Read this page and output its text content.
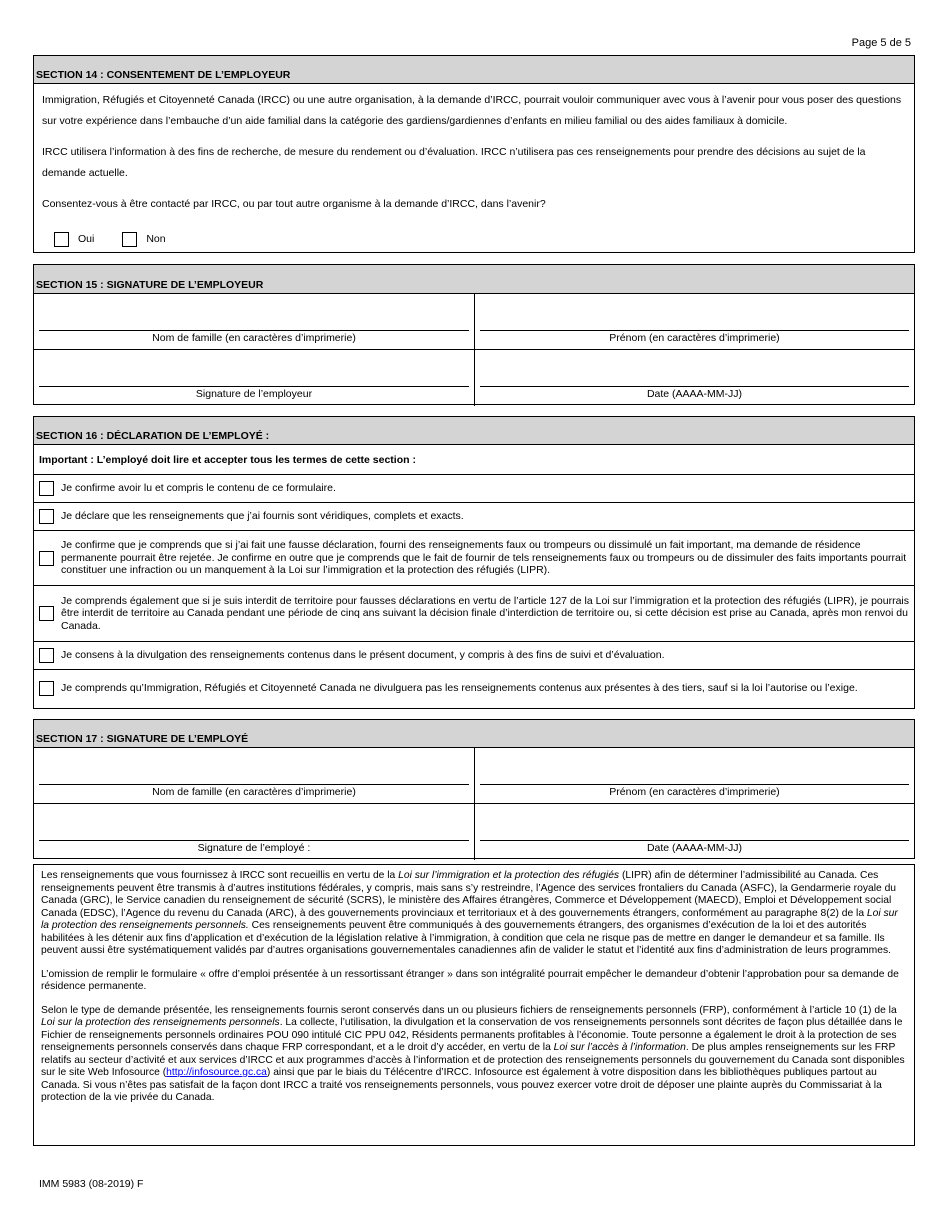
Page 5 de 5
SECTION 14 : CONSENTEMENT DE L’EMPLOYEUR

Immigration, Réfugiés et Citoyenneté Canada (IRCC) ou une autre organisation, à la demande d’IRCC, pourrait vouloir communiquer avec vous à l’avenir pour vous poser des questions sur votre expérience dans l’embauche d’un aide familial dans la catégorie des gardiens/gardiennes d’enfants en milieu familial ou des aides familiaux à domicile.

IRCC utilisera l’information à des fins de recherche, de mesure du rendement ou d’évaluation. IRCC n’utilisera pas ces renseignements pour prendre des décisions au sujet de la demande actuelle.

Consentez-vous à être contacté par IRCC, ou par tout autre organisme à la demande d’IRCC, dans l’avenir?

Oui	Non
SECTION 15 : SIGNATURE DE L’EMPLOYEUR
Nom de famille (en caractères d’imprimerie)	Prénom (en caractères d’imprimerie)
Signature de l’employeur	Date (AAAA-MM-JJ)
SECTION 16 : DÉCLARATION DE L’EMPLOYÉ :
Important : L’employé doit lire et accepter tous les termes de cette section :
Je confirme avoir lu et compris le contenu de ce formulaire.
Je déclare que les renseignements que j’ai fournis sont véridiques, complets et exacts.
Je confirme que je comprends que si j’ai fait une fausse déclaration, fourni des renseignements faux ou trompeurs ou dissimulé un fait important, ma demande de résidence permanente pourrait être rejetée. Je confirme en outre que je comprends que le fait de fournir de tels renseignements faux ou trompeurs ou de dissimuler des faits importants pourrait constituer une infraction ou un manquement à la Loi sur l’immigration et la protection des réfugiés (LIPR).
Je comprends également que si je suis interdit de territoire pour fausses déclarations en vertu de l’article 127 de la Loi sur l’immigration et la protection des réfugiés (LIPR), je pourrais être interdit de territoire au Canada pendant une période de cinq ans suivant la décision finale d’interdiction de territoire ou, si cette décision est prise au Canada, après mon renvoi du Canada.
Je consens à la divulgation des renseignements contenus dans le présent document, y compris à des fins de suivi et d’évaluation.
Je comprends qu’Immigration, Réfugiés et Citoyenneté Canada ne divulguera pas les renseignements contenus aux présentes à des tiers, sauf si la loi l’autorise ou l’exige.
SECTION 17 : SIGNATURE DE L’EMPLOYÉ
Nom de famille (en caractères d’imprimerie)	Prénom (en caractères d’imprimerie)
Signature de l’employé :	Date (AAAA-MM-JJ)

Les renseignements que vous fournissez à IRCC sont recueillis en vertu de la Loi sur l’immigration et la protection des réfugiés (LIPR) afin de déterminer l’admissibilité au Canada. Ces renseignements peuvent être transmis à d’autres institutions fédérales, y compris, mais sans s’y restreindre, l’Agence des services frontaliers du Canada (ASFC), la Gendarmerie royale du Canada (GRC), le Service canadien du renseignement de sécurité (SCRS), le ministère des Affaires étrangères, Commerce et Développement (MAECD), Emploi et Développement social Canada (EDSC), l’Agence du revenu du Canada (ARC), à des gouvernements provinciaux et territoriaux et à des gouvernements étrangers, conformément au paragraphe 8(2) de la Loi sur la protection des renseignements personnels. Ces renseignements peuvent être communiqués à des gouvernements étrangers, des organismes d’exécution de la loi et des autorités habilitées à les détenir aux fins d’application et d’exécution de la législation relative à l’immigration, à condition que cela ne risque pas de mettre en danger le demandeur et sa famille. Ils peuvent aussi être systématiquement validés par d’autres organisations gouvernementales canadiennes afin de valider le statut et l’identité aux fins d’administration de leurs programmes.

L’omission de remplir le formulaire « offre d’emploi présentée à un ressortissant étranger » dans son intégralité pourrait empêcher le demandeur d’obtenir l’approbation pour sa demande de résidence permanente.

Selon le type de demande présentée, les renseignements fournis seront conservés dans un ou plusieurs fichiers de renseignements personnels (FRP), conformément à l’article 10 (1) de la Loi sur la protection des renseignements personnels. La collecte, l’utilisation, la divulgation et la conservation de vos renseignements personnels sont décrites de façon plus détaillée dans le Fichier de renseignements personnels ordinaires POU 090 intitulé CIC PPU 042, Résidents permanents profitables à l’économie. Toute personne a également le droit à la protection de ses renseignements personnels conservés dans chaque FRP correspondant, et a le droit d’y accéder, en vertu de la Loi sur l’accès à l’information. De plus amples renseignements sur les FRP relatifs au secteur d’activité et aux services d’IRCC et aux programmes d’accès à l’information et de protection des renseignements personnels du gouvernement du Canada sont disponibles sur le site Web Infosource (http://infosource.gc.ca) ainsi que par le biais du Télécentre d’IRCC. Infosource est également à votre disposition dans les bibliothèques publiques partout au Canada. Si vous n’êtes pas satisfait de la façon dont IRCC a traité vos renseignements personnels, vous pouvez exercer votre droit de déposer une plainte auprès du Commissariat à la protection de la vie privée du Canada.

IMM 5983 (08-2019) F
